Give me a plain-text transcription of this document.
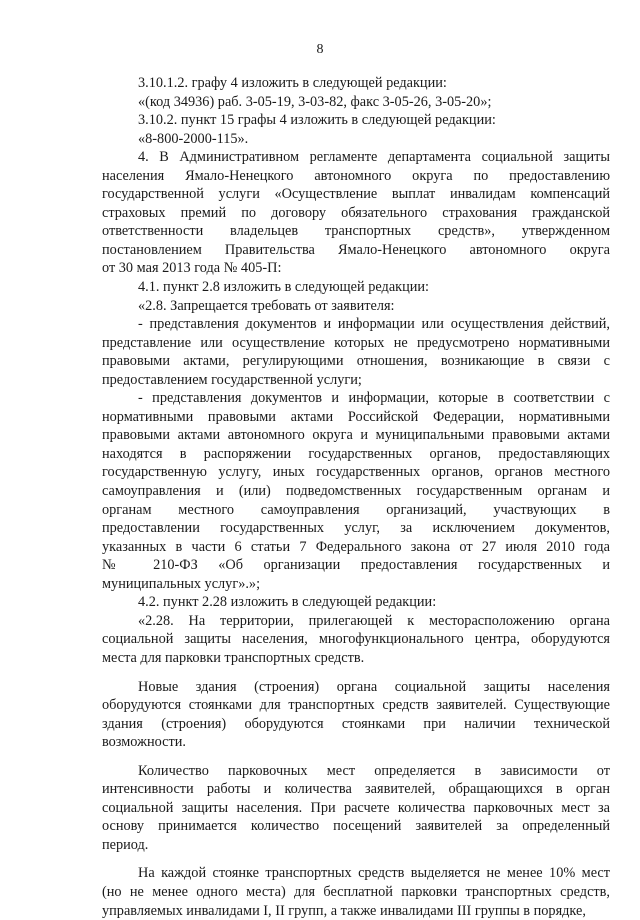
8
3.10.1.2. графу 4 изложить в следующей редакции:
«(код 34936) раб. 3-05-19, 3-03-82, факс 3-05-26, 3-05-20»;
3.10.2. пункт 15 графы 4 изложить в следующей редакции:
«8-800-2000-115».
4. В Административном регламенте департамента социальной защиты
населения Ямало-Ненецкого автономного округа по предоставлению
государственной услуги «Осуществление выплат инвалидам компенсаций
страховых премий по договору обязательного страхования гражданской
ответственности владельцев транспортных средств», утвержденном
постановлением Правительства Ямало-Ненецкого автономного округа
от 30 мая 2013 года № 405-П:
4.1. пункт 2.8 изложить в следующей редакции:
«2.8. Запрещается требовать от заявителя:
- представления документов и информации или осуществления действий,
представление или осуществление которых не предусмотрено нормативными
правовыми актами, регулирующими отношения, возникающие в связи с
предоставлением государственной услуги;
- представления документов и информации, которые в соответствии с
нормативными правовыми актами Российской Федерации, нормативными
правовыми актами автономного округа и муниципальными правовыми актами
находятся в распоряжении государственных органов, предоставляющих
государственную услугу, иных государственных органов, органов местного
самоуправления и (или) подведомственных государственным органам и
органам местного самоуправления организаций, участвующих в
предоставлении государственных услуг, за исключением документов,
указанных в части 6 статьи 7 Федерального закона от 27 июля 2010 года
№ 210-ФЗ «Об организации предоставления государственных и
муниципальных услуг».»;
4.2. пункт 2.28 изложить в следующей редакции:
«2.28. На территории, прилегающей к месторасположению органа
социальной защиты населения, многофункционального центра, оборудуются
места для парковки транспортных средств.
Новые здания (строения) органа социальной защиты населения
оборудуются стоянками для транспортных средств заявителей. Существующие
здания (строения) оборудуются стоянками при наличии технической
возможности.
Количество парковочных мест определяется в зависимости от
интенсивности работы и количества заявителей, обращающихся в орган
социальной защиты населения. При расчете количества парковочных мест за
основу принимается количество посещений заявителей за определенный
период.
На каждой стоянке транспортных средств выделяется не менее 10% мест
(но не менее одного места) для бесплатной парковки транспортных средств,
управляемых инвалидами I, II групп, а также инвалидами III группы в порядке,
